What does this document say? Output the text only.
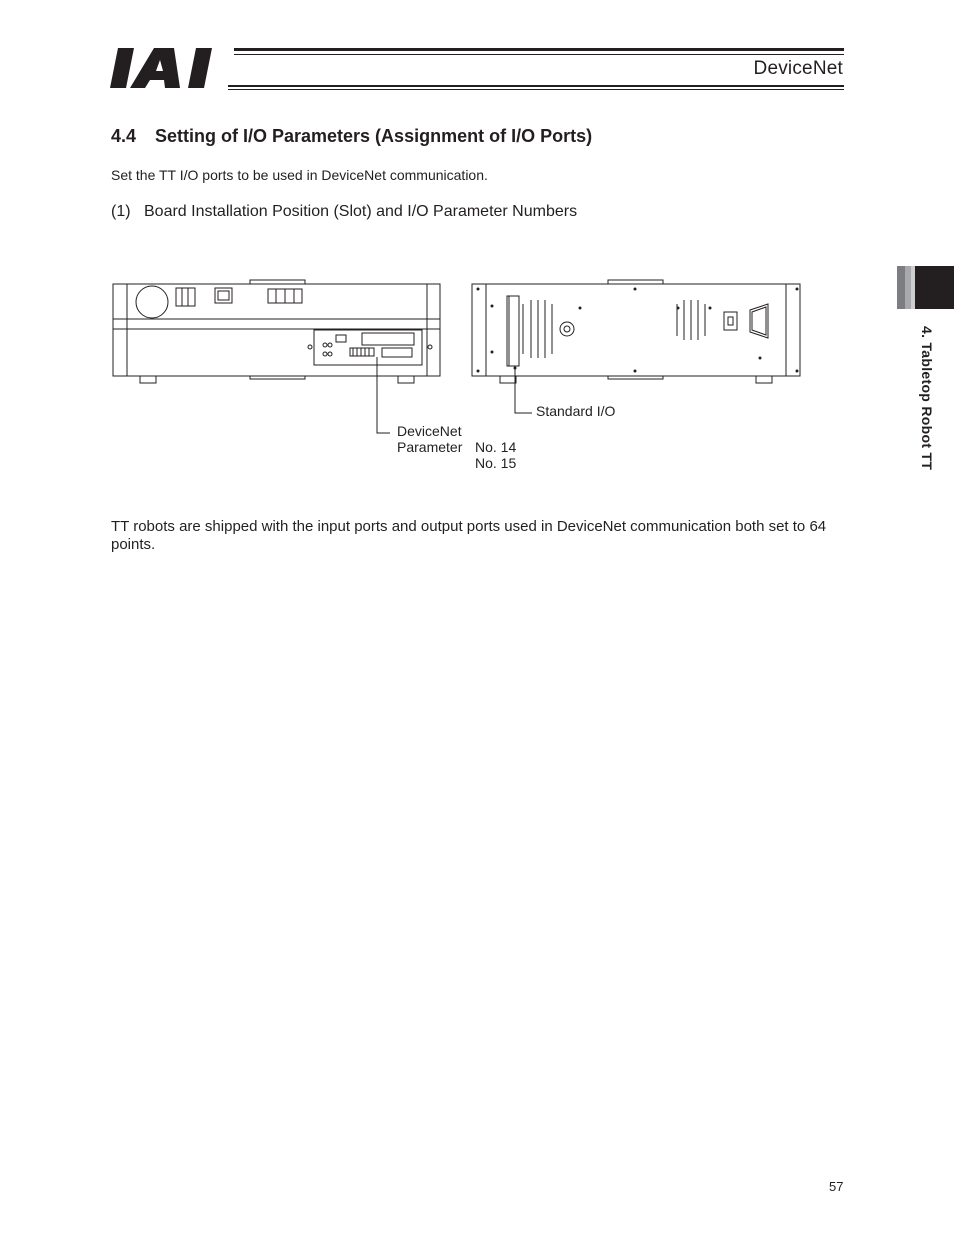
DeviceNet
4.4 Setting of I/O Parameters (Assignment of I/O Ports)
Set the TT I/O ports to be used in DeviceNet communication.
(1) Board Installation Position (Slot) and I/O Parameter Numbers
Standard I/O
DeviceNet
Parameter No. 14
No. 15
TT robots are shipped with the input ports and output ports used in DeviceNet communication both set to 64 points.
4. Tabletop Robot TT
57
